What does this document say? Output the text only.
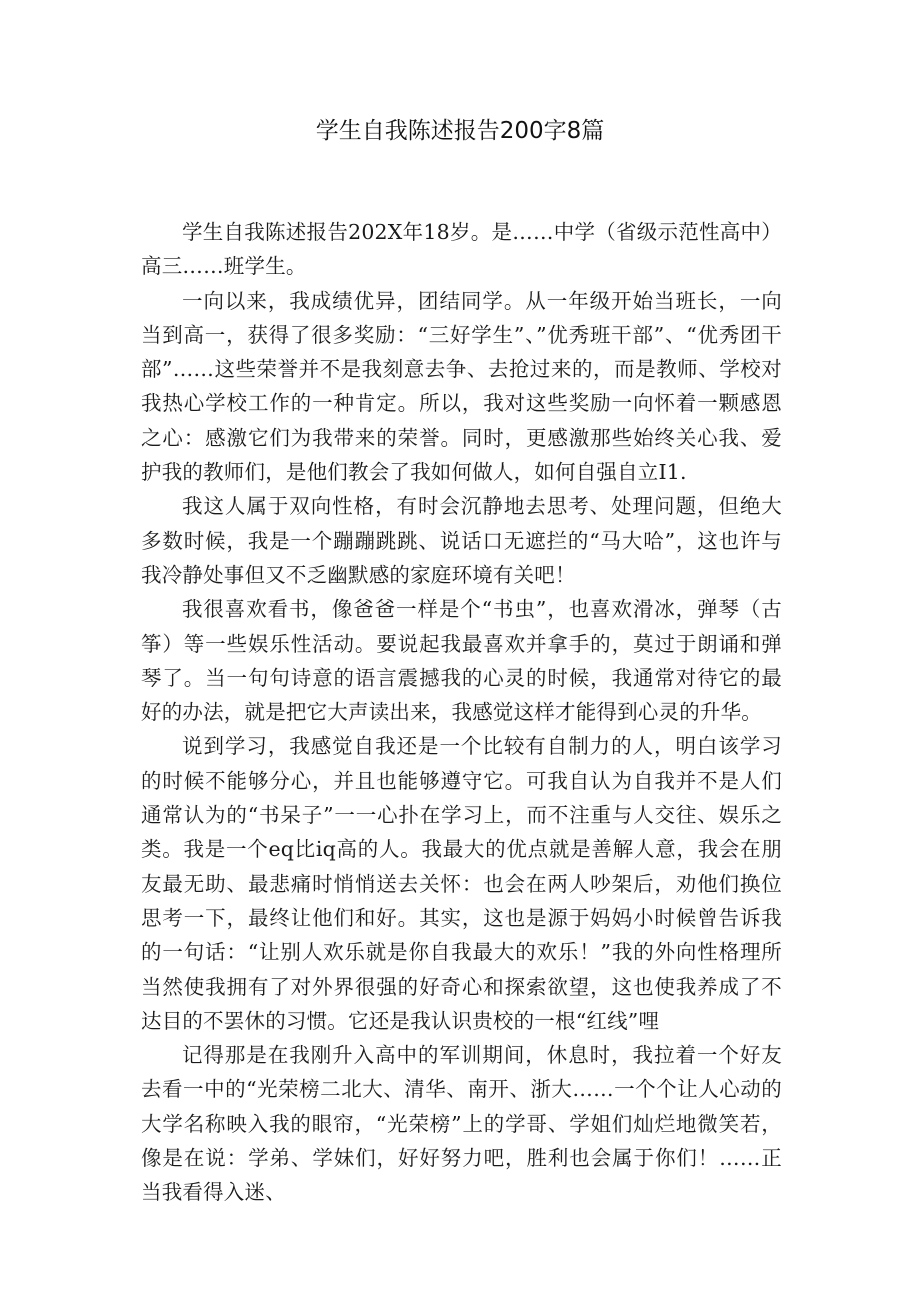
学生自我陈述报告200字8篇

学生自我陈述报告202X年18岁。是……中学（省级示范性高中）高三……班学生。

一向以来，我成绩优异，团结同学。从一年级开始当班长，一向当到高一，获得了很多奖励：“三好学生”、”优秀班干部”、“优秀团干部”……这些荣誉并不是我刻意去争、去抢过来的，而是教师、学校对我热心学校工作的一种肯定。所以，我对这些奖励一向怀着一颗感恩之心：感激它们为我带来的荣誉。同时，更感激那些始终关心我、爱护我的教师们，是他们教会了我如何做人，如何自强自立I1.

我这人属于双向性格，有时会沉静地去思考、处理问题，但绝大多数时候，我是一个蹦蹦跳跳、说话口无遮拦的“马大哈”，这也许与我冷静处事但又不乏幽默感的家庭环境有关吧！

我很喜欢看书，像爸爸一样是个“书虫”，也喜欢滑冰，弹琴（古筝）等一些娱乐性活动。要说起我最喜欢并拿手的，莫过于朗诵和弹琴了。当一句句诗意的语言震撼我的心灵的时候，我通常对待它的最好的办法，就是把它大声读出来，我感觉这样才能得到心灵的升华。

说到学习，我感觉自我还是一个比较有自制力的人，明白该学习的时候不能够分心，并且也能够遵守它。可我自认为自我并不是人们通常认为的“书呆子”一一心扑在学习上，而不注重与人交往、娱乐之类。我是一个eq比iq高的人。我最大的优点就是善解人意，我会在朋友最无助、最悲痛时悄悄送去关怀：也会在两人吵架后，劝他们换位思考一下，最终让他们和好。其实，这也是源于妈妈小时候曾告诉我的一句话：“让别人欢乐就是你自我最大的欢乐！”我的外向性格理所当然使我拥有了对外界很强的好奇心和探索欲望，这也使我养成了不达目的不罢休的习惯。它还是我认识贵校的一根“红线”哩

记得那是在我刚升入高中的军训期间，休息时，我拉着一个好友去看一中的“光荣榜二北大、清华、南开、浙大……一个个让人心动的大学名称映入我的眼帘，“光荣榜”上的学哥、学姐们灿烂地微笑若，像是在说：学弟、学妹们，好好努力吧，胜利也会属于你们！……正当我看得入迷、
